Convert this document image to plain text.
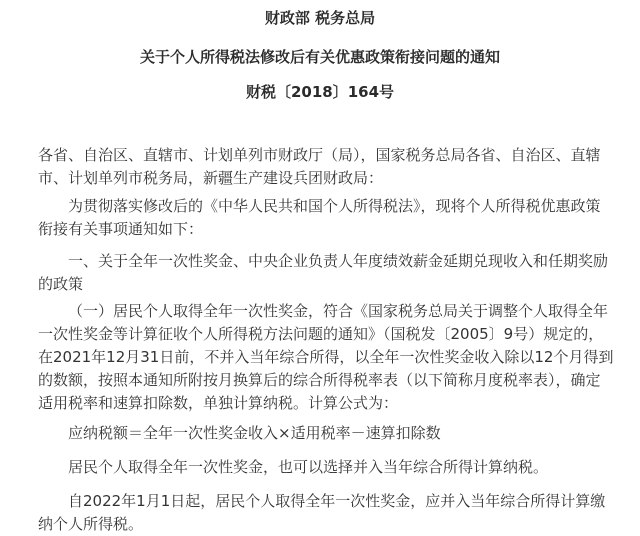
财政部 税务总局
关于个人所得税法修改后有关优惠政策衔接问题的通知
财税〔2018〕164号
各省、自治区、直辖市、计划单列市财政厅（局），国家税务总局各省、自治区、直辖
市、计划单列市税务局，新疆生产建设兵团财政局：
为贯彻落实修改后的《中华人民共和国个人所得税法》，现将个人所得税优惠政策
衔接有关事项通知如下：
一、关于全年一次性奖金、中央企业负责人年度绩效薪金延期兑现收入和任期奖励
的政策
（一）居民个人取得全年一次性奖金，符合《国家税务总局关于调整个人取得全年
一次性奖金等计算征收个人所得税方法问题的通知》（国税发〔2005〕9号）规定的，
在2021年12月31日前，不并入当年综合所得，以全年一次性奖金收入除以12个月得到
的数额，按照本通知所附按月换算后的综合所得税率表（以下简称月度税率表），确定
适用税率和速算扣除数，单独计算纳税。计算公式为：
应纳税额＝全年一次性奖金收入×适用税率－速算扣除数
居民个人取得全年一次性奖金，也可以选择并入当年综合所得计算纳税。
自2022年1月1日起，居民个人取得全年一次性奖金，应并入当年综合所得计算缴
纳个人所得税。
